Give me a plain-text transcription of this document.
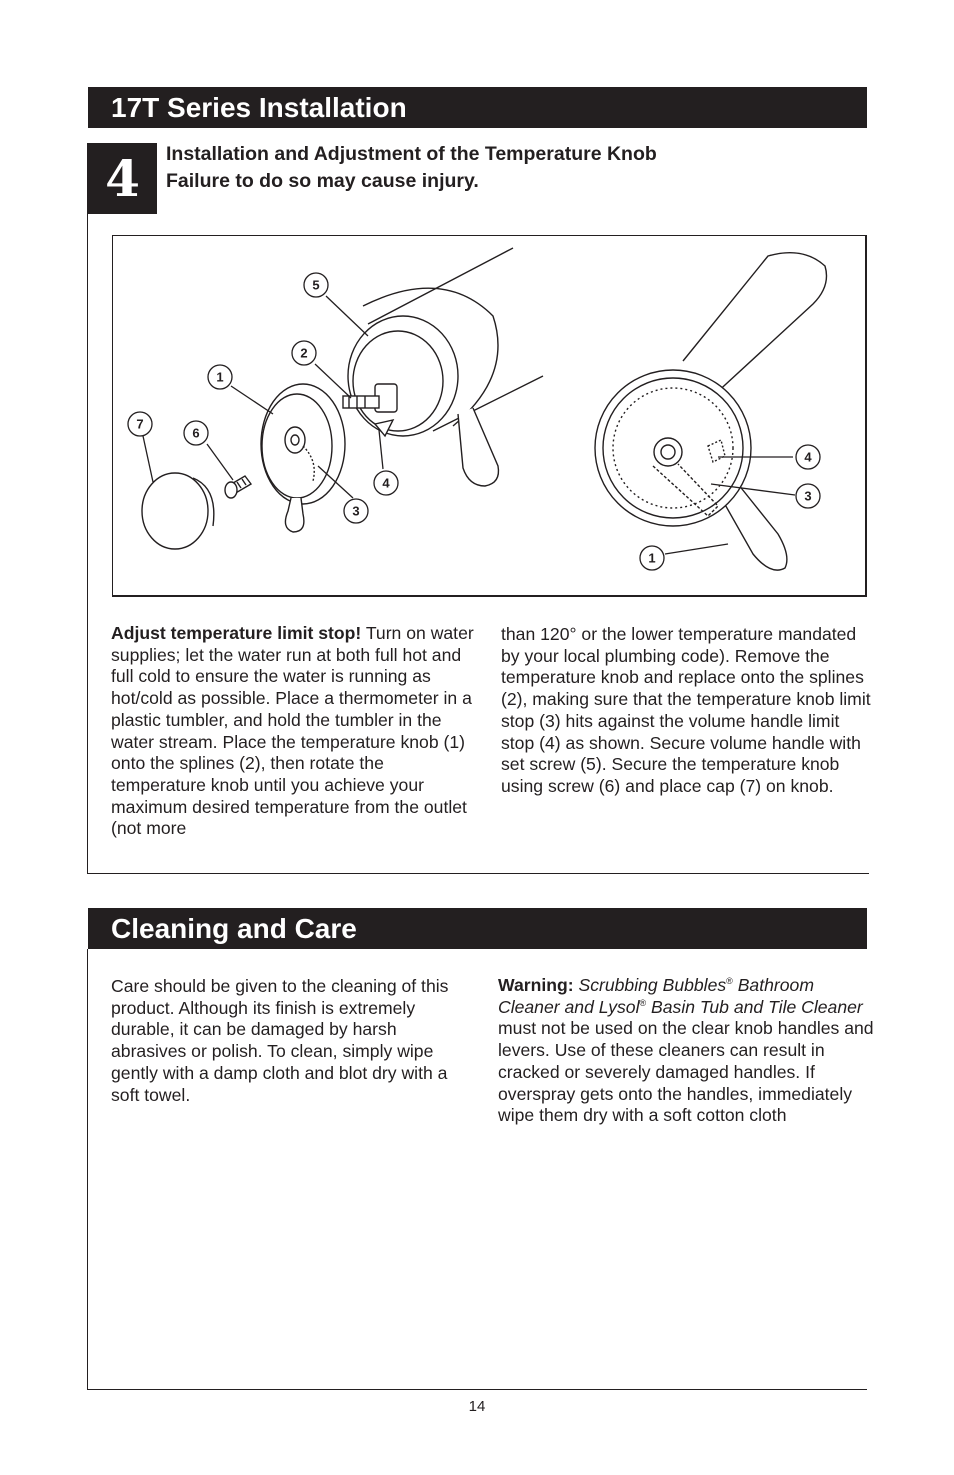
17T Series Installation
4	Installation and Adjustment of the Temperature Knob
Failure to do so may cause injury.
5
2
1
7
6
4
3
4
3
1
Adjust temperature limit stop! Turn on water supplies; let the water run at both full hot and full cold to ensure the water is running as hot/cold as possible. Place a thermometer in a plastic tumbler, and hold the tumbler in the water stream. Place the temperature knob (1) onto the splines (2), then rotate the temperature knob until you achieve your maximum desired temperature from the outlet (not more
than 120° or the lower temperature mandated by your local plumbing code). Remove the temperature knob and replace onto the splines (2), making sure that the temperature knob limit stop (3) hits against the volume handle limit stop (4) as shown. Secure volume handle with set screw (5). Secure the temperature knob using screw (6) and place cap (7) on knob.
Cleaning and Care
Care should be given to the cleaning of this product. Although its finish is extremely durable, it can be damaged by harsh abrasives or polish. To clean, simply wipe gently with a damp cloth and blot dry with a soft towel.
Warning: Scrubbing Bubbles® Bathroom Cleaner and Lysol® Basin Tub and Tile Cleaner must not be used on the clear knob handles and levers. Use of these cleaners can result in cracked or severely damaged handles. If overspray gets onto the handles, immediately wipe them dry with a soft cotton cloth
14
